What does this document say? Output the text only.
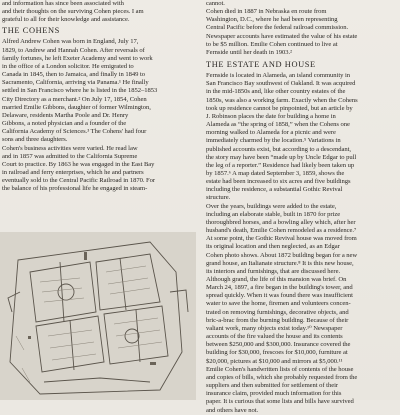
and information has since been associated with
and their thoughts on the surviving Cohen pieces. I am
grateful to all for their knowledge and assistance.
THE COHENS
Alfred Andrew Cohen was born in England, July 17,
1829, to Andrew and Hannah Cohen. After reversals of
family fortunes, he left Exeter Academy and went to work
in the office of a London solicitor. He emigrated to
Canada in 1845, then to Jamaica, and finally in 1849 to
Sacramento, California, arriving via Panama.¹ He finally
settled in San Francisco where he is listed in the 1852–1853
City Directory as a merchant.² On July 17, 1854, Cohen
married Emilie Gibbons, daughter of former Wilmington,
Delaware, residents Martha Poole and Dr. Henry
Gibbons, a noted physician and a founder of the
California Academy of Sciences.³ The Cohens' had four
sons and three daughters.
Cohen's business activities were varied. He read law
and in 1857 was admitted to the California Supreme
Court to practice. By 1863 he was engaged in the East Bay
in railroad and ferry enterprises, which he and partners
eventually sold to the Central Pacific Railroad in 1870. For
the balance of his professional life he engaged in steam-
cannot.
Cohen died in 1887 in Nebraska en route from
Washington, D.C., where he had been representing
Central Pacific before the federal railroad commission.
Newspaper accounts have estimated the value of his estate
to be $5 million. Emilie Cohen continued to live at
Fernside until her death in 1903.²
THE ESTATE AND HOUSE
Fernside is located in Alameda, an island community in
San Francisco Bay southwest of Oakland. It was acquired
in the mid-1850s and, like other country estates of the
1850s, was also a working farm. Exactly when the Cohens
took up residence cannot be pinpointed, but an article by
J. Robinson places the date for building a home in
Alameda as “the spring of 1858,” when the Cohens one
morning walked to Alameda for a picnic and were
immediately charmed by the location.⁵ Variations in
published accounts exist, but according to a descendant,
the story may have been “made up by Uncle Edgar to pull
the leg of a reporter.” Residence had likely been taken up
by 1857.⁶ A map dated September 3, 1859, shows the
estate had been increased to six acres and five buildings
including the residence, a substantial Gothic Revival
structure.
Over the years, buildings were added to the estate,
including an elaborate stable, built in 1870 for prize
thoroughbred horses, and a bowling alley which, after her
husband's death, Emilie Cohen remodeled as a residence.⁷
At some point, the Gothic Revival house was moved from
its original location and then neglected, as an Edgar
Cohen photo shows. About 1872 building began for a new
grand house, an Italianate structure.⁸ It is this new house,
its interiors and furnishings, that are discussed here.
Although grand, the life of this mansion was brief. On
March 24, 1897, a fire began in the building's tower, and
spread quickly. When it was found there was insufficient
water to save the home, firemen and volunteers concen-
trated on removing furnishings, decorative objects, and
bric-a-brac from the burning building. Because of their
valiant work, many objects exist today.¹⁰ Newspaper
accounts of the fire valued the house and its contents
between $250,000 and $300,000. Insurance covered the
building for $30,000, frescoes for $10,000, furniture at
$20,000, pictures at $10,000 and mirrors at $5,000.¹¹
Emilie Cohen's handwritten lists of contents of the house
and copies of bills, which she probably requested from the
suppliers and then submitted for settlement of their
insurance claim, provided much information for this
paper. It is curious that some lists and bills have survived
and others have not.
